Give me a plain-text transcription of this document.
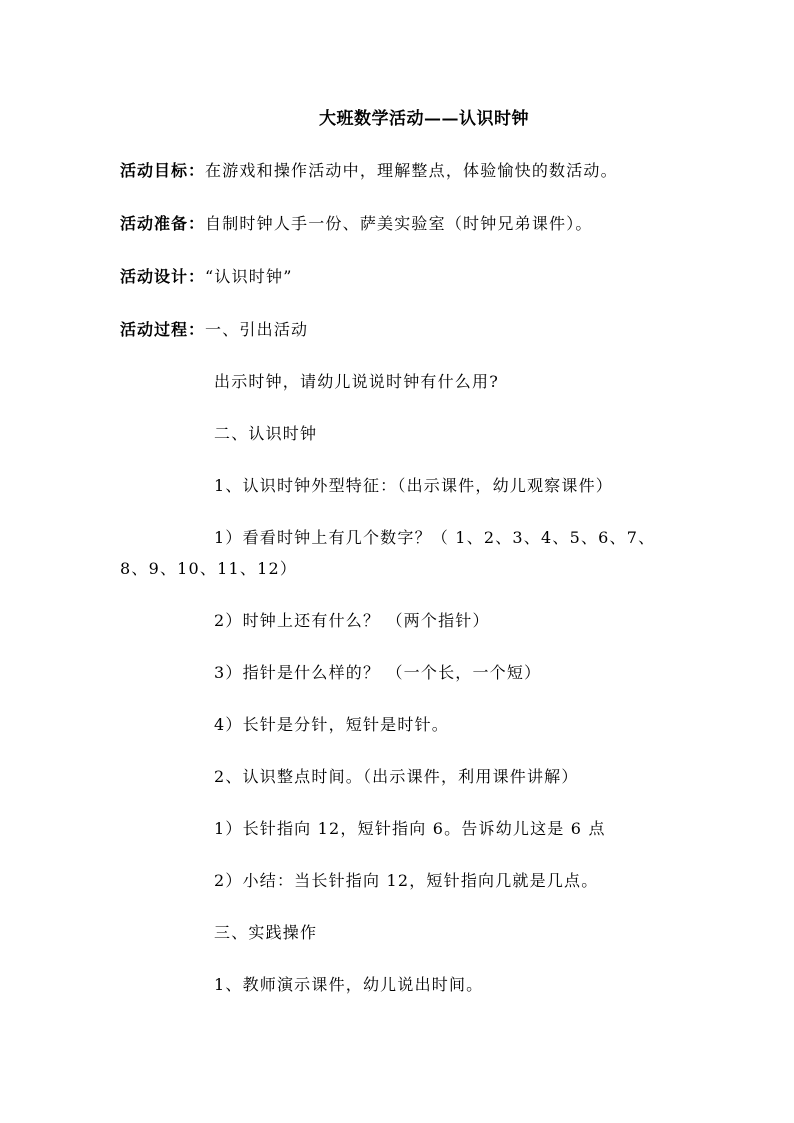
大班数学活动——认识时钟
活动目标：在游戏和操作活动中，理解整点，体验愉快的数活动。
活动准备：自制时钟人手一份、萨美实验室（时钟兄弟课件）。
活动设计：“认识时钟”
活动过程：一、引出活动
出示时钟，请幼儿说说时钟有什么用?
二、认识时钟
1、认识时钟外型特征：（出示课件，幼儿观察课件）
1）看看时钟上有几个数字？（ 1、2、3、4、5、6、7、
8、9、10、11、12）
2）时钟上还有什么？ （两个指针）
3）指针是什么样的？ （一个长，一个短）
4）长针是分针，短针是时针。
2、认识整点时间。（出示课件，利用课件讲解）
1）长针指向 12，短针指向 6。告诉幼儿这是 6 点
2）小结：当长针指向 12，短针指向几就是几点。
三、实践操作
1、教师演示课件，幼儿说出时间。
